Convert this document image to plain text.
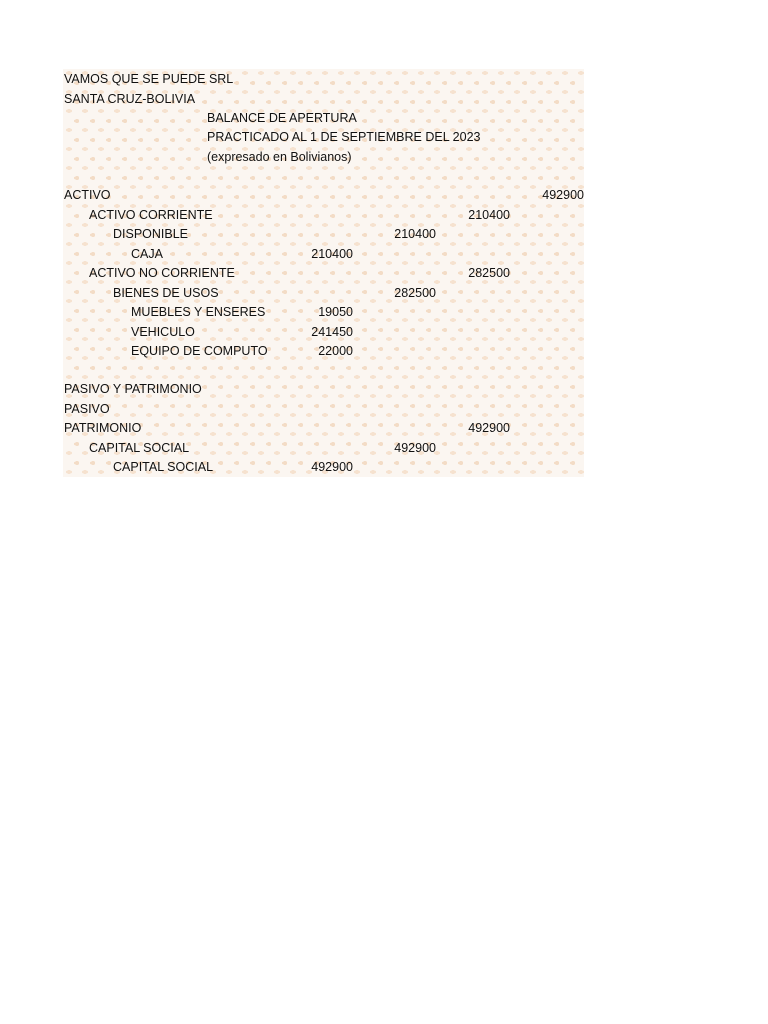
VAMOS QUE SE PUEDE SRL
SANTA CRUZ-BOLIVIA
BALANCE DE APERTURA
PRACTICADO AL 1 DE SEPTIEMBRE DEL 2023
(expresado en Bolivianos)
ACTIVO	492900
ACTIVO CORRIENTE	210400
DISPONIBLE	210400
CAJA	210400
ACTIVO NO CORRIENTE	282500
BIENES DE USOS	282500
MUEBLES Y ENSERES	19050
VEHICULO	241450
EQUIPO DE COMPUTO	22000
PASIVO Y PATRIMONIO
PASIVO
PATRIMONIO	492900
CAPITAL SOCIAL	492900
CAPITAL SOCIAL	492900
